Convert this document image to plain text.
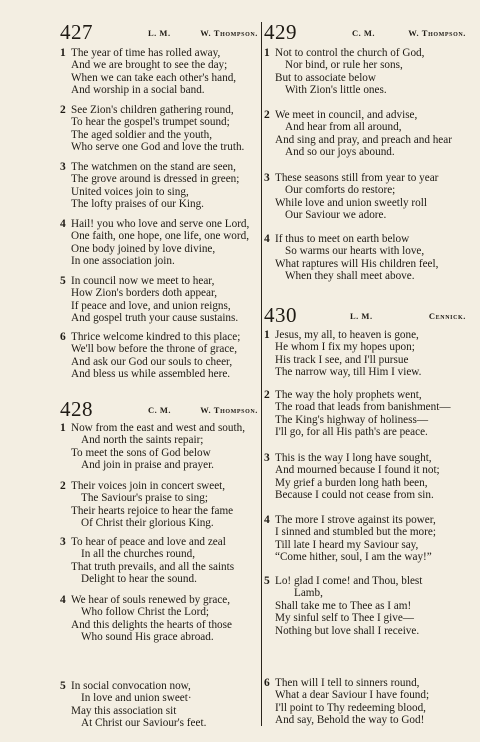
427	L. M.	W. Thompson.
1 The year of time has rolled away,
And we are brought to see the day;
When we can take each other's hand,
And worship in a social band.
2 See Zion's children gathering round,
To hear the gospel's trumpet sound;
The aged soldier and the youth,
Who serve one God and love the truth.
3 The watchmen on the stand are seen,
The grove around is dressed in green;
United voices join to sing,
The lofty praises of our King.
4 Hail! you who love and serve one Lord,
One faith, one hope, one life, one word,
One body joined by love divine,
In one association join.
5 In council now we meet to hear,
How Zion's borders doth appear,
If peace and love, and union reigns,
And gospel truth your cause sustains.
6 Thrice welcome kindred to this place;
We'll bow before the throne of grace,
And ask our God our souls to cheer,
And bless us while assembled here.
428	C. M.	W. Thompson.
1 Now from the east and west and south,
And north the saints repair;
To meet the sons of God below
And join in praise and prayer.
2 Their voices join in concert sweet,
The Saviour's praise to sing;
Their hearts rejoice to hear the fame
Of Christ their glorious King.
3 To hear of peace and love and zeal
In all the churches round,
That truth prevails, and all the saints
Delight to hear the sound.
4 We hear of souls renewed by grace,
Who follow Christ the Lord;
And this delights the hearts of those
Who sound His grace abroad.
5 In social convocation now,
In love and union sweet·
May this association sit
At Christ our Saviour's feet.
429	C. M.	W. Thompson.
1 Not to control the church of God,
Nor bind, or rule her sons,
But to associate below
With Zion's little ones.
2 We meet in council, and advise,
And hear from all around,
And sing and pray, and preach and hear
And so our joys abound.
3 These seasons still from year to year
Our comforts do restore;
While love and union sweetly roll
Our Saviour we adore.
4 If thus to meet on earth below
So warms our hearts with love,
What raptures will His children feel,
When they shall meet above.
430	L. M.	Cennick.
1 Jesus, my all, to heaven is gone,
He whom I fix my hopes upon;
His track I see, and I'll pursue
The narrow way, till Him I view.
2 The way the holy prophets went,
The road that leads from banishment—
The King's highway of holiness—
I'll go, for all His path's are peace.
3 This is the way I long have sought,
And mourned because I found it not;
My grief a burden long hath been,
Because I could not cease from sin.
4 The more I strove against its power,
I sinned and stumbled but the more;
Till late I heard my Saviour say,
“Come hither, soul, I am the way!”
5 Lo! glad I come! and Thou, blest
Lamb,
Shall take me to Thee as I am!
My sinful self to Thee I give—
Nothing but love shall I receive.
6 Then will I tell to sinners round,
What a dear Saviour I have found;
I'll point to Thy redeeming blood,
And say, Behold the way to God!
